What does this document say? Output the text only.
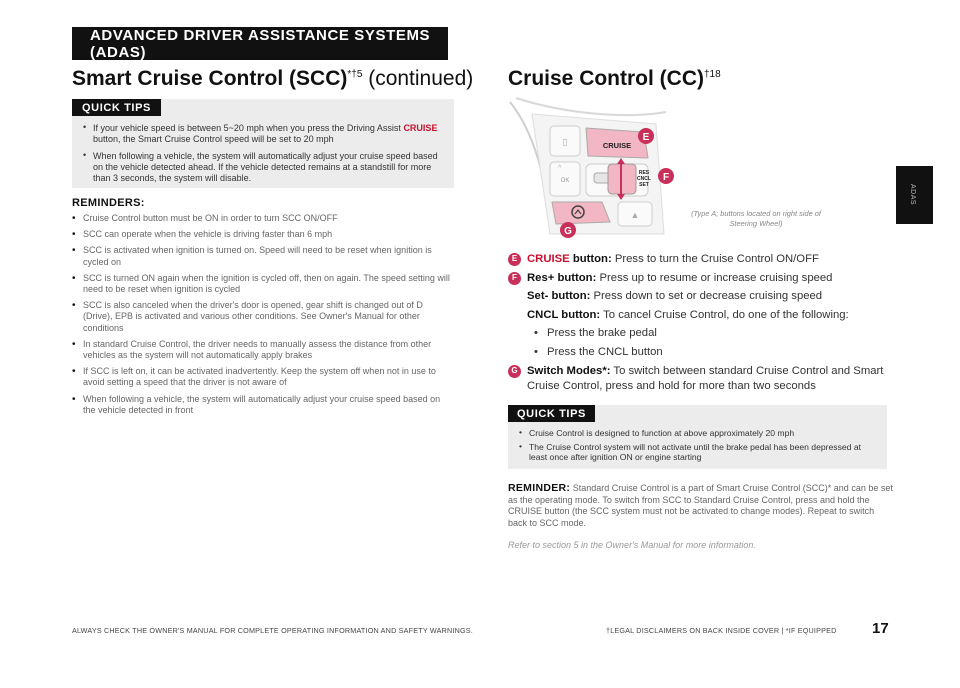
ADVANCED DRIVER ASSISTANCE SYSTEMS (ADAS)
ADAS
Smart Cruise Control (SCC)$^{*\dagger 5}$ (continued)
QUICK TIPS
• If your vehicle speed is between 5~20 mph when you press the Driving Assist CRUISE button, the Smart Cruise Control speed will be set to 20 mph
• When following a vehicle, the system will automatically adjust your cruise speed based on the vehicle detected ahead. If the vehicle detected remains at a standstill for more than 3 seconds, the system will disable.
REMINDERS:
• Cruise Control button must be ON in order to turn SCC ON/OFF
• SCC can operate when the vehicle is driving faster than 6 mph
• SCC is activated when ignition is turned on. Speed will need to be reset when ignition is cycled on
• SCC is turned ON again when the ignition is cycled off, then on again. The speed setting will need to be reset when ignition is cycled
• SCC is also canceled when the driver's door is opened, gear shift is changed out of D (Drive), EPB is activated and various other conditions. See Owner's Manual for other conditions
• In standard Cruise Control, the driver needs to manually assess the distance from other vehicles as the system will not automatically apply brakes
• If SCC is left on, it can be activated inadvertently. Keep the system off when not in use to avoid setting a speed that the driver is not aware of
• When following a vehicle, the system will automatically adjust your cruise speed based on the vehicle detected in front
Cruise Control (CC)$^{\dagger 18}$
▯	CRUISE
OK
^
RES
CNCL
SET
▲
E
F
G
(Type A; buttons located on right side of Steering Wheel)
E CRUISE button: Press to turn the Cruise Control ON/OFF
F Res+ button: Press up to resume or increase cruising speed
Set- button: Press down to set or decrease cruising speed
CNCL button: To cancel Cruise Control, do one of the following:
• Press the brake pedal
• Press the CNCL button
G Switch Modes*: To switch between standard Cruise Control and Smart Cruise Control, press and hold for more than two seconds
QUICK TIPS
• Cruise Control is designed to function at above approximately 20 mph
• The Cruise Control system will not activate until the brake pedal has been depressed at least once after ignition ON or engine starting
REMINDER: Standard Cruise Control is a part of Smart Cruise Control (SCC)* and can be set as the operating mode. To switch from SCC to Standard Cruise Control, press and hold the CRUISE button (the SCC system must not be activated to change modes). Repeat to switch back to SCC mode.
Refer to section 5 in the Owner's Manual for more information.
ALWAYS CHECK THE OWNER'S MANUAL FOR COMPLETE OPERATING INFORMATION AND SAFETY WARNINGS.	†LEGAL DISCLAIMERS ON BACK INSIDE COVER | *IF EQUIPPED 17
